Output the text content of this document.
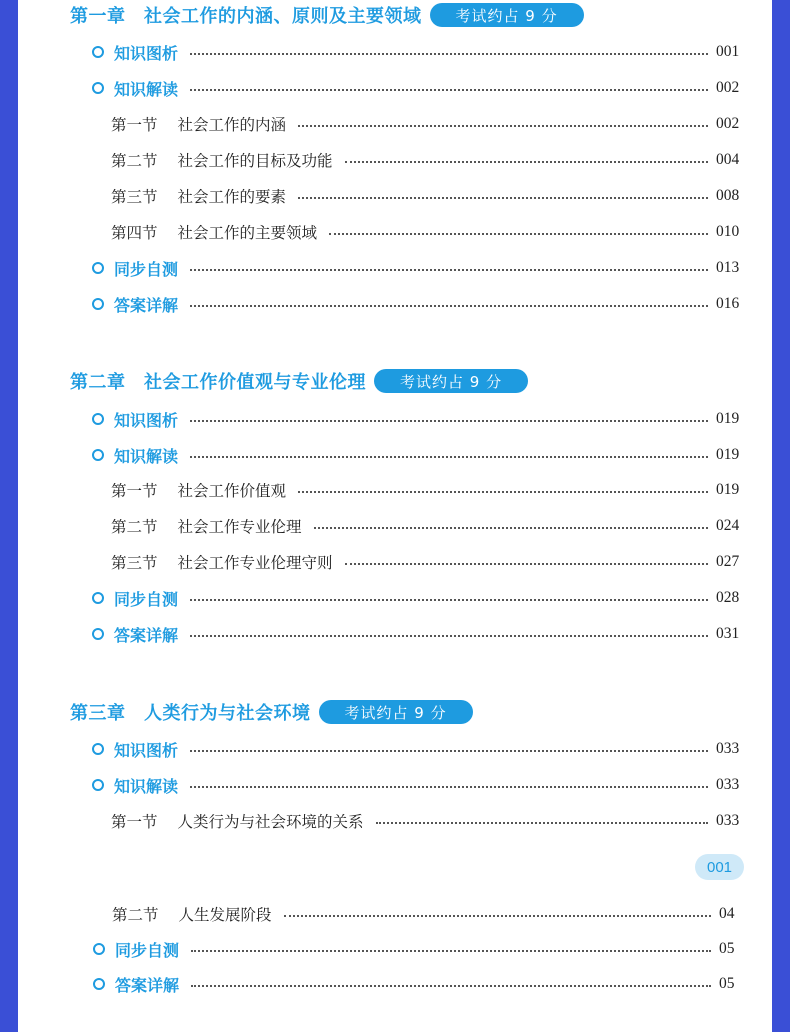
第一章　社会工作的内涵、原则及主要领域	考试约占 9 分
知识图析	001
知识解读	002
第一节 社会工作的内涵	002
第二节 社会工作的目标及功能	004
第三节 社会工作的要素	008
第四节 社会工作的主要领域	010
同步自测	013
答案详解	016
第二章　社会工作价值观与专业伦理	考试约占 9 分
知识图析	019
知识解读	019
第一节 社会工作价值观	019
第二节 社会工作专业伦理	024
第三节 社会工作专业伦理守则	027
同步自测	028
答案详解	031
第三章　人类行为与社会环境	考试约占 9 分
知识图析	033
知识解读	033
第一节 人类行为与社会环境的关系	033
001
第二节 人生发展阶段	04
同步自测	05
答案详解	05
